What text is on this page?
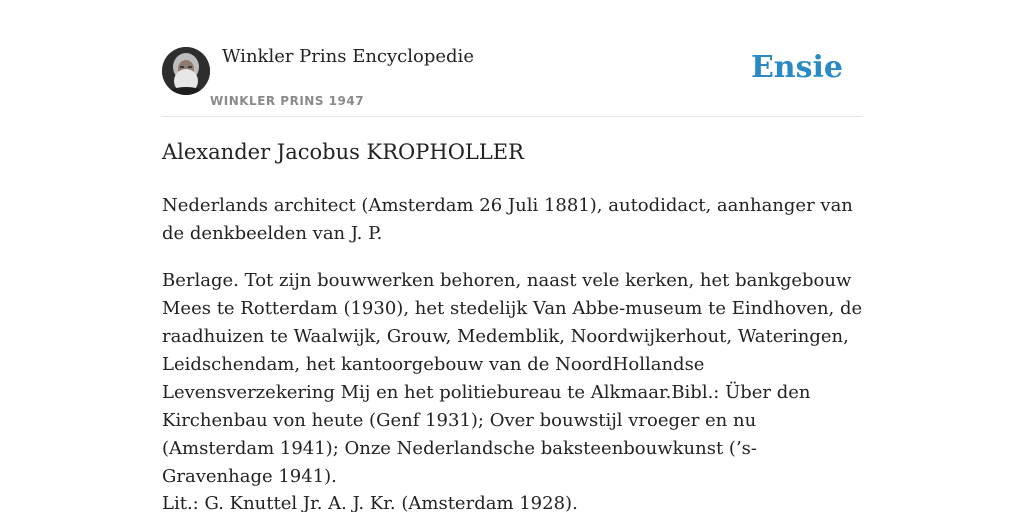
Winkler Prins Encyclopedie
WINKLER PRINS 1947
Ensie
Alexander Jacobus KROPHOLLER

Nederlands architect (Amsterdam 26 Juli 1881), autodidact, aanhanger van de denkbeelden van J. P.

Berlage. Tot zijn bouwwerken behoren, naast vele kerken, het bankgebouw Mees te Rotterdam (1930), het stedelijk Van Abbe-museum te Eindhoven, de raadhuizen te Waalwijk, Grouw, Medemblik, Noordwijkerhout, Wateringen, Leidschendam, het kantoorgebouw van de NoordHollandse Levensverzekering Mij en het politiebureau te Alkmaar.Bibl.: Über den Kirchenbau von heute (Genf 1931); Over bouwstijl vroeger en nu (Amsterdam 1941); Onze Nederlandsche baksteenbouwkunst (’s-Gravenhage 1941).

Lit.: G. Knuttel Jr. A. J. Kr. (Amsterdam 1928).
